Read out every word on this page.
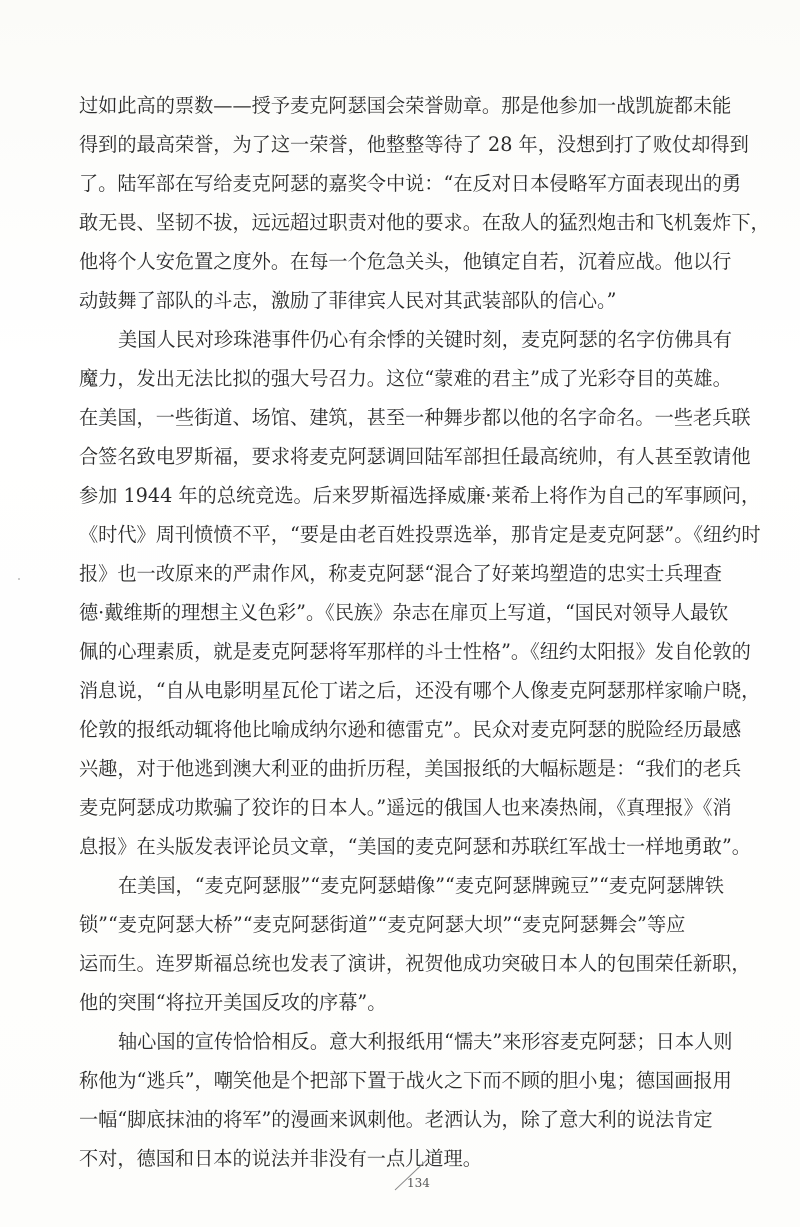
过如此高的票数——授予麦克阿瑟国会荣誉勋章。那是他参加一战凯旋都未能
得到的最高荣誉，为了这一荣誉，他整整等待了 28 年，没想到打了败仗却得到
了。陆军部在写给麦克阿瑟的嘉奖令中说：“在反对日本侵略军方面表现出的勇
敢无畏、坚韧不拔，远远超过职责对他的要求。在敌人的猛烈炮击和飞机轰炸下，
他将个人安危置之度外。在每一个危急关头，他镇定自若，沉着应战。他以行
动鼓舞了部队的斗志，激励了菲律宾人民对其武装部队的信心。”
美国人民对珍珠港事件仍心有余悸的关键时刻，麦克阿瑟的名字仿佛具有
魔力，发出无法比拟的强大号召力。这位“蒙难的君主”成了光彩夺目的英雄。
在美国，一些街道、场馆、建筑，甚至一种舞步都以他的名字命名。一些老兵联
合签名致电罗斯福，要求将麦克阿瑟调回陆军部担任最高统帅，有人甚至敦请他
参加 1944 年的总统竞选。后来罗斯福选择威廉·莱希上将作为自己的军事顾问，
《时代》周刊愤愤不平，“要是由老百姓投票选举，那肯定是麦克阿瑟”。《纽约时
报》也一改原来的严肃作风，称麦克阿瑟“混合了好莱坞塑造的忠实士兵理查
德·戴维斯的理想主义色彩”。《民族》杂志在扉页上写道，“国民对领导人最钦
佩的心理素质，就是麦克阿瑟将军那样的斗士性格”。《纽约太阳报》发自伦敦的
消息说，“自从电影明星瓦伦丁诺之后，还没有哪个人像麦克阿瑟那样家喻户晓，
伦敦的报纸动辄将他比喻成纳尔逊和德雷克”。民众对麦克阿瑟的脱险经历最感
兴趣，对于他逃到澳大利亚的曲折历程，美国报纸的大幅标题是：“我们的老兵
麦克阿瑟成功欺骗了狡诈的日本人。”遥远的俄国人也来凑热闹，《真理报》《消
息报》在头版发表评论员文章，“美国的麦克阿瑟和苏联红军战士一样地勇敢”。
在美国，“麦克阿瑟服”“麦克阿瑟蜡像”“麦克阿瑟牌豌豆”“麦克阿瑟牌铁
锁”“麦克阿瑟大桥”“麦克阿瑟街道”“麦克阿瑟大坝”“麦克阿瑟舞会”等应
运而生。连罗斯福总统也发表了演讲，祝贺他成功突破日本人的包围荣任新职，
他的突围“将拉开美国反攻的序幕”。
轴心国的宣传恰恰相反。意大利报纸用“懦夫”来形容麦克阿瑟；日本人则
称他为“逃兵”，嘲笑他是个把部下置于战火之下而不顾的胆小鬼；德国画报用
一幅“脚底抹油的将军”的漫画来讽刺他。老洒认为，除了意大利的说法肯定
不对，德国和日本的说法并非没有一点儿道理。
134
